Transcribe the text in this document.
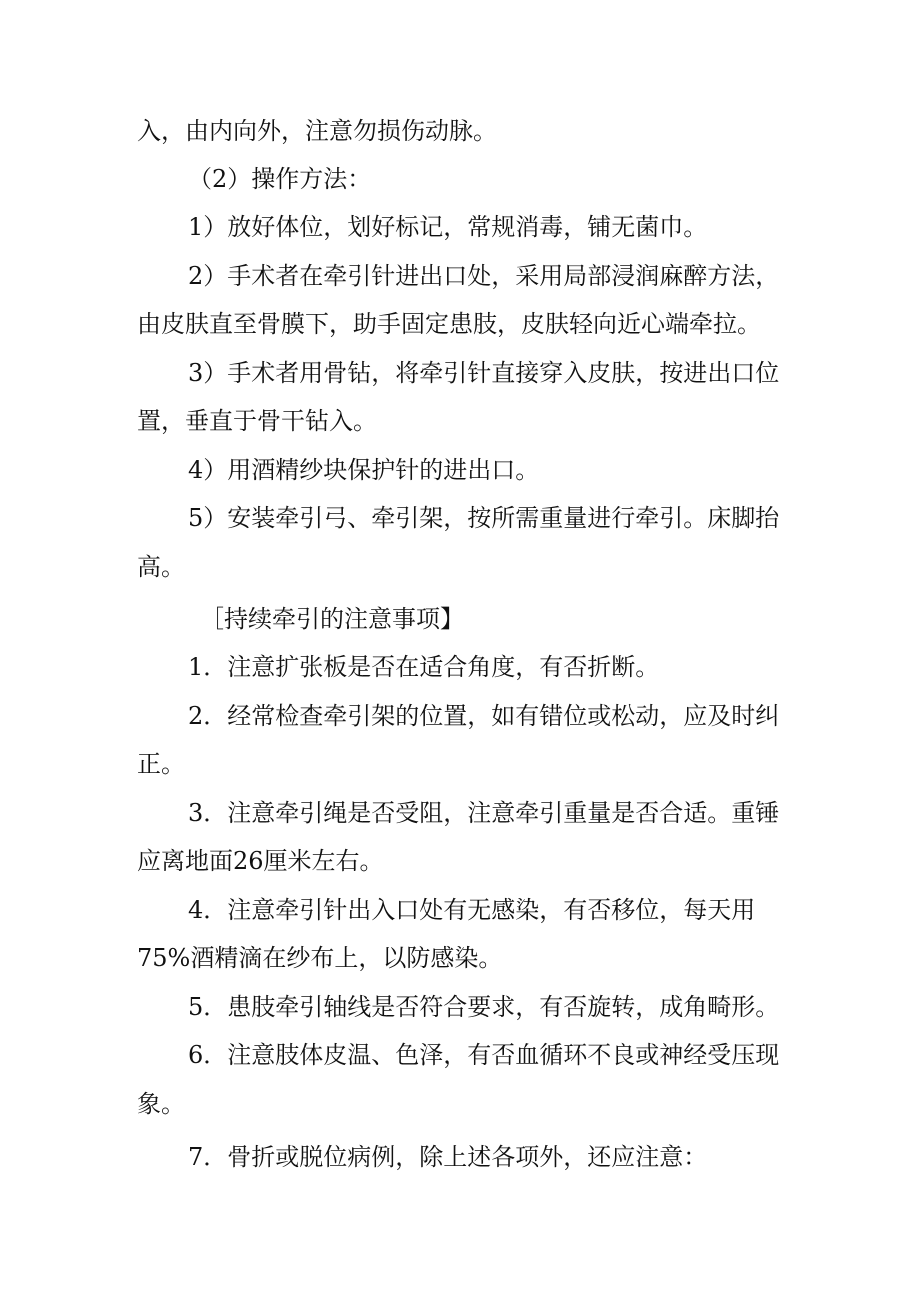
入，由内向外，注意勿损伤动脉。

（2）操作方法：

1）放好体位，划好标记，常规消毒，铺无菌巾。

2）手术者在牵引针进出口处，采用局部浸润麻醉方法，

由皮肤直至骨膜下，助手固定患肢，皮肤轻向近心端牵拉。

3）手术者用骨钻，将牵引针直接穿入皮肤，按进出口位

置，垂直于骨干钻入。

4）用酒精纱块保护针的进出口。

5）安装牵引弓、牵引架，按所需重量进行牵引。床脚抬

高。

［持续牵引的注意事项】

1．注意扩张板是否在适合角度，有否折断。

2．经常检查牵引架的位置，如有错位或松动，应及时纠

正。

3．注意牵引绳是否受阻，注意牵引重量是否合适。重锤

应离地面26厘米左右。

4．注意牵引针出入口处有无感染，有否移位，每天用

75%酒精滴在纱布上，以防感染。

5．患肢牵引轴线是否符合要求，有否旋转，成角畸形。

6．注意肢体皮温、色泽，有否血循环不良或神经受压现

象。

7．骨折或脱位病例，除上述各项外，还应注意：
